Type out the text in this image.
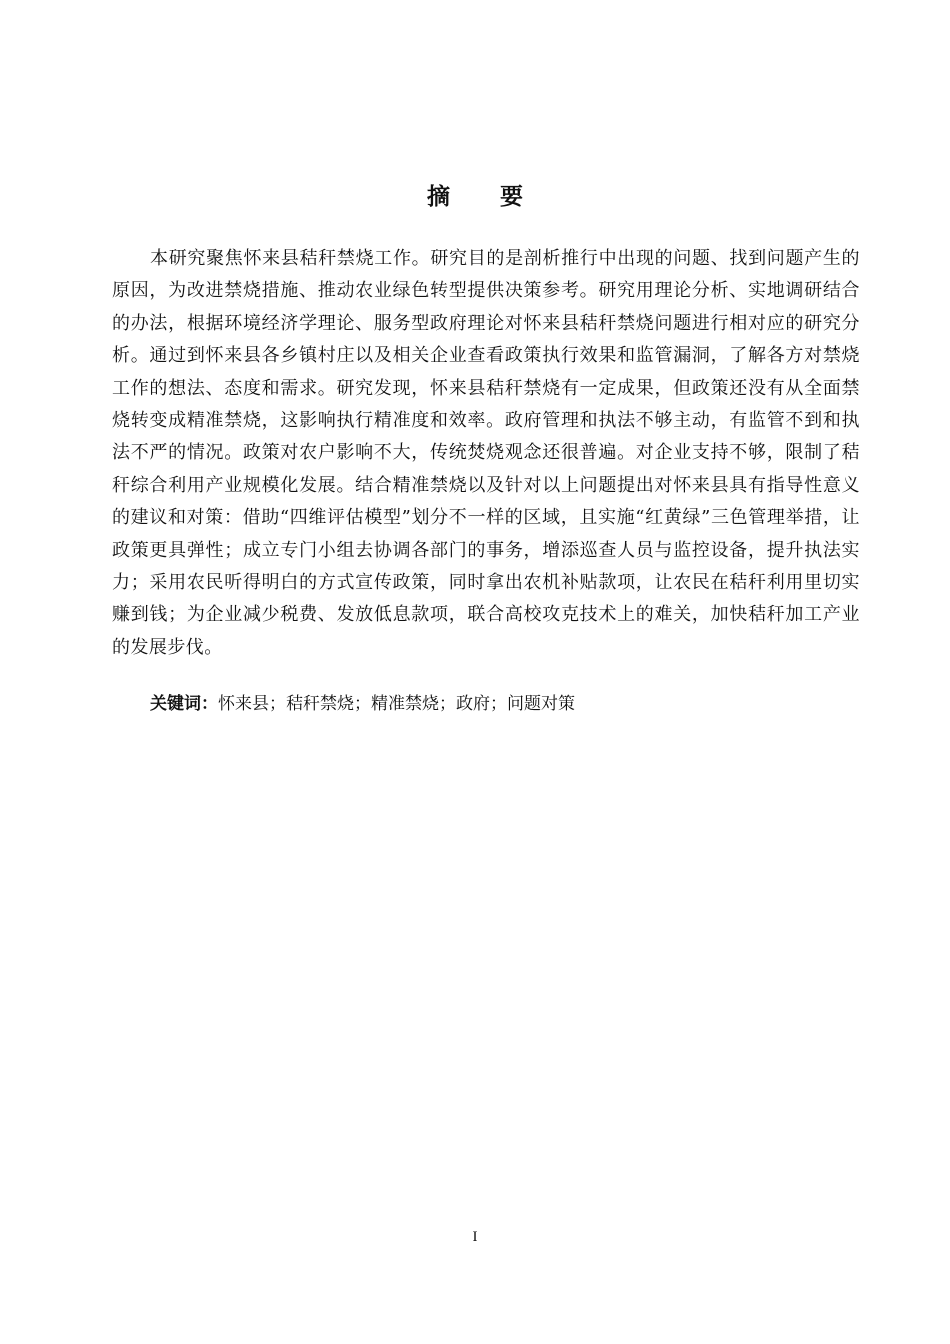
摘 要

本研究聚焦怀来县秸秆禁烧工作。研究目的是剖析推行中出现的问题、找到问题产生的原因，为改进禁烧措施、推动农业绿色转型提供决策参考。研究用理论分析、实地调研结合的办法，根据环境经济学理论、服务型政府理论对怀来县秸秆禁烧问题进行相对应的研究分析。通过到怀来县各乡镇村庄以及相关企业查看政策执行效果和监管漏洞，了解各方对禁烧工作的想法、态度和需求。研究发现，怀来县秸秆禁烧有一定成果，但政策还没有从全面禁烧转变成精准禁烧，这影响执行精准度和效率。政府管理和执法不够主动，有监管不到和执法不严的情况。政策对农户影响不大，传统焚烧观念还很普遍。对企业支持不够，限制了秸秆综合利用产业规模化发展。结合精准禁烧以及针对以上问题提出对怀来县具有指导性意义的建议和对策：借助“四维评估模型”划分不一样的区域，且实施“红黄绿”三色管理举措，让政策更具弹性；成立专门小组去协调各部门的事务，增添巡查人员与监控设备，提升执法实力；采用农民听得明白的方式宣传政策，同时拿出农机补贴款项，让农民在秸秆利用里切实赚到钱；为企业减少税费、发放低息款项，联合高校攻克技术上的难关，加快秸秆加工产业的发展步伐。

关键词：怀来县；秸秆禁烧；精准禁烧；政府；问题对策

I
